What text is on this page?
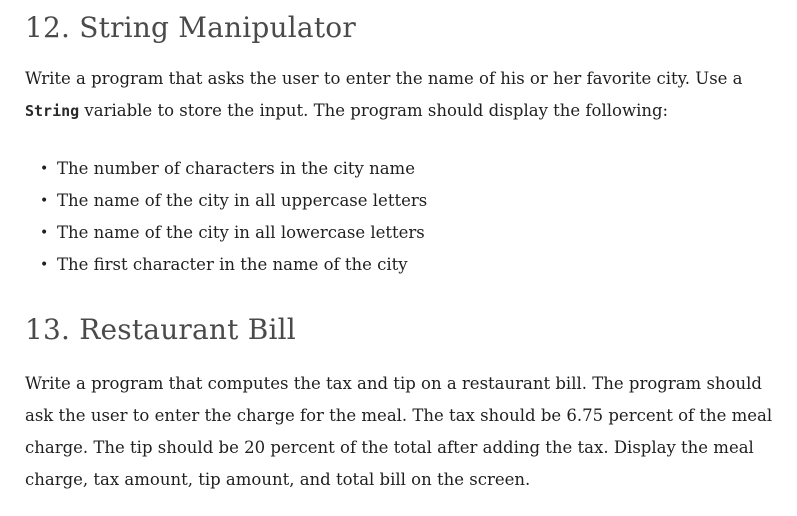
12. String Manipulator

Write a program that asks the user to enter the name of his or her favorite city. Use a
String variable to store the input. The program should display the following:

• The number of characters in the city name
• The name of the city in all uppercase letters
• The name of the city in all lowercase letters
• The first character in the name of the city
13. Restaurant Bill

Write a program that computes the tax and tip on a restaurant bill. The program should ask the user to enter the charge for the meal. The tax should be 6.75 percent of the meal charge. The tip should be 20 percent of the total after adding the tax. Display the meal charge, tax amount, tip amount, and total bill on the screen.
